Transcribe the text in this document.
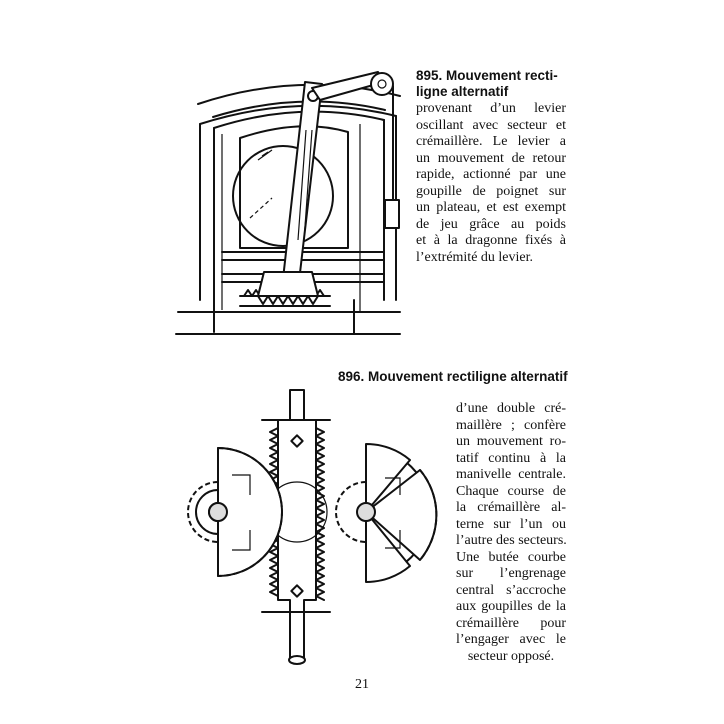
895. Mouvement recti-
ligne alternatif
provenant d’un levier
oscillant avec secteur et
crémaillère. Le levier a
un mouvement de retour
rapide, actionné par une
goupille de poignet sur
un plateau, et est exempt
de jeu grâce au poids
et à la dragonne fixés à
l’extrémité du levier.
896. Mouvement rectiligne alternatif
d’une double cré-
maillère ; confère
un mouvement ro-
tatif continu à la
manivelle centrale.
Chaque course de
la crémaillère al-
terne sur l’un ou
l’autre des secteurs.
Une butée courbe
sur l’engrenage
central s’accroche
aux goupilles de la
crémaillère pour
l’engager avec le
secteur opposé.
21
